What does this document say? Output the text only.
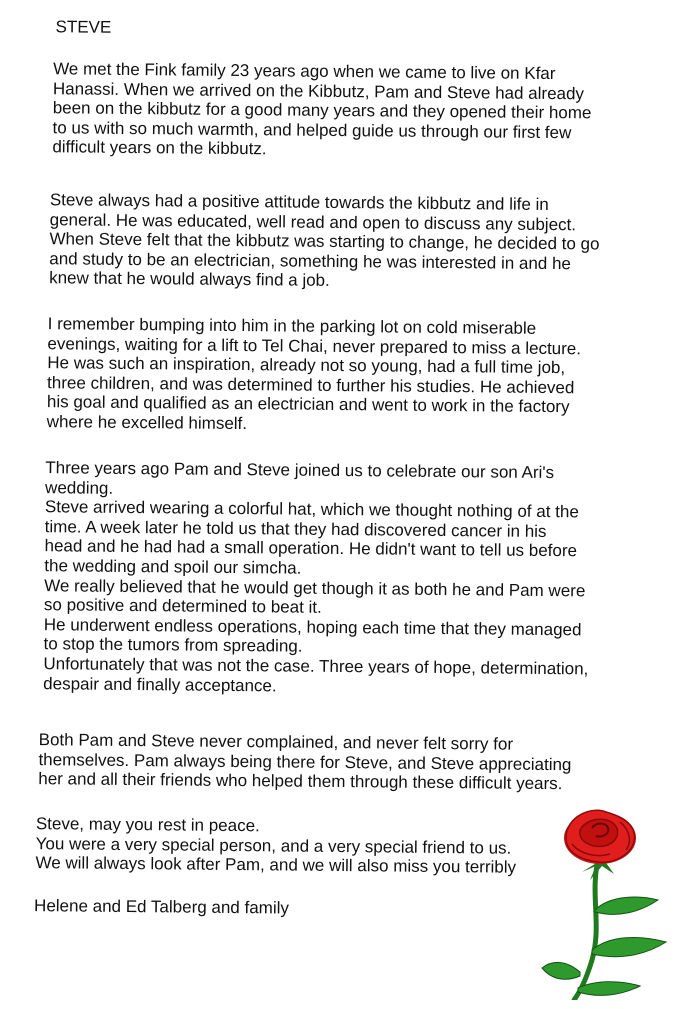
STEVE

We met the Fink family 23 years ago when we came to live on Kfar

Hanassi. When we arrived on the Kibbutz, Pam and Steve had already

been on the kibbutz for a good many years and they opened their home

to us with so much warmth, and helped guide us through our first few

difficult years on the kibbutz.

Steve always had a positive attitude towards the kibbutz and life in

general. He was educated, well read and open to discuss any subject.

When Steve felt that the kibbutz was starting to change, he decided to go

and study to be an electrician, something he was interested in and he

knew that he would always find a job.

I remember bumping into him in the parking lot on cold miserable

evenings, waiting for a lift to Tel Chai, never prepared to miss a lecture.

He was such an inspiration, already not so young, had a full time job,

three children, and was determined to further his studies. He achieved

his goal and qualified as an electrician and went to work in the factory

where he excelled himself.

Three years ago Pam and Steve joined us to celebrate our son Ari's

wedding.

Steve arrived wearing a colorful hat, which we thought nothing of at the

time. A week later he told us that they had discovered cancer in his

head and he had had a small operation. He didn't want to tell us before

the wedding and spoil our simcha.

We really believed that he would get though it as both he and Pam were

so positive and determined to beat it.

He underwent endless operations, hoping each time that they managed

to stop the tumors from spreading.

Unfortunately that was not the case. Three years of hope, determination,

despair and finally acceptance.

Both Pam and Steve never complained, and never felt sorry for

themselves. Pam always being there for Steve, and Steve appreciating

her and all their friends who helped them through these difficult years.

Steve, may you rest in peace.

You were a very special person, and a very special friend to us.

We will always look after Pam, and we will also miss you terribly

Helene and Ed Talberg and family
